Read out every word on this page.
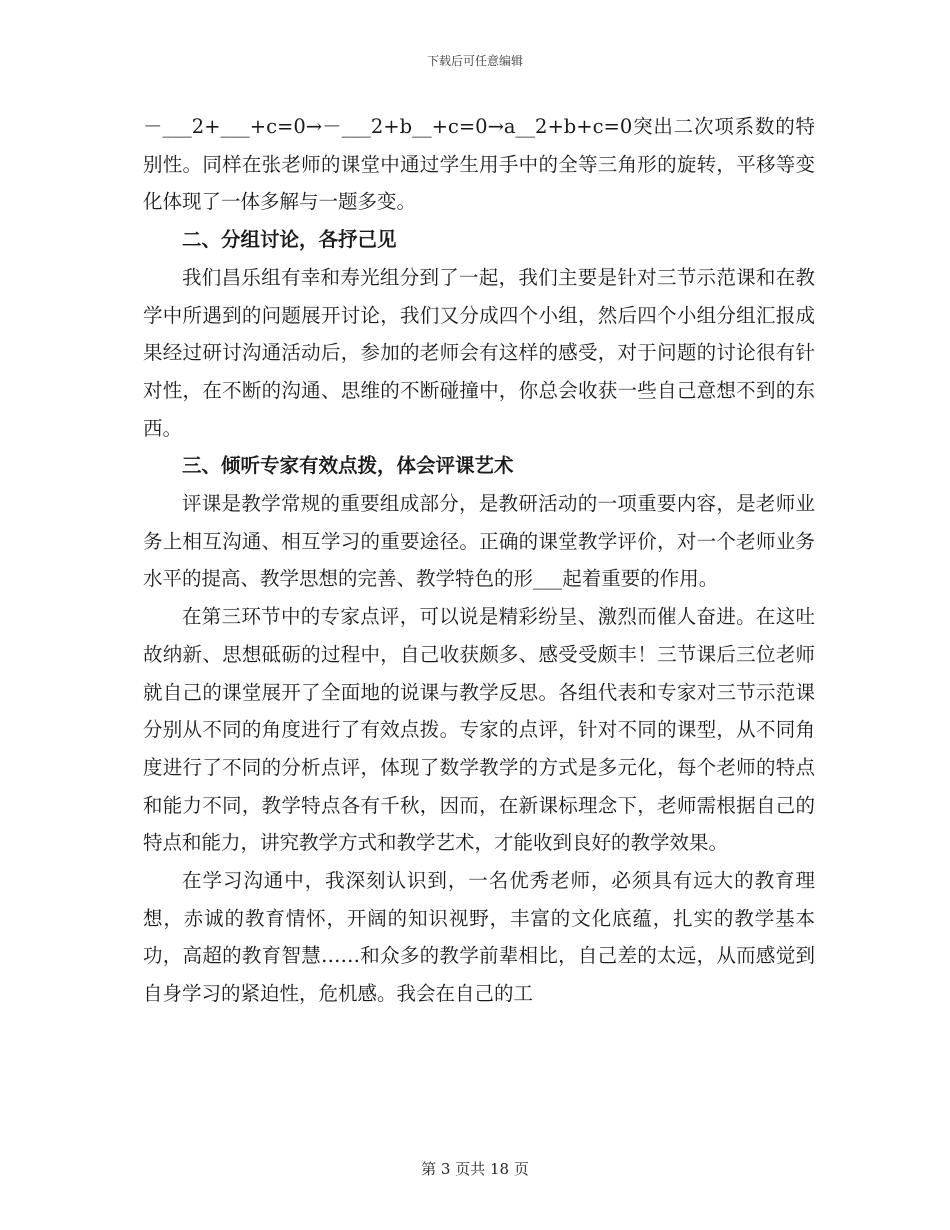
下载后可任意编辑

－___2+___+c=0→－___2+b__+c=0→a__2+b+c=0突出二次项系数的特别性。同样在张老师的课堂中通过学生用手中的全等三角形的旋转，平移等变化体现了一体多解与一题多变。

二、分组讨论，各抒己见

我们昌乐组有幸和寿光组分到了一起，我们主要是针对三节示范课和在教学中所遇到的问题展开讨论，我们又分成四个小组，然后四个小组分组汇报成果经过研讨沟通活动后，参加的老师会有这样的感受，对于问题的讨论很有针对性，在不断的沟通、思维的不断碰撞中，你总会收获一些自己意想不到的东西。

三、倾听专家有效点拨，体会评课艺术

评课是教学常规的重要组成部分，是教研活动的一项重要内容，是老师业务上相互沟通、相互学习的重要途径。正确的课堂教学评价，对一个老师业务水平的提高、教学思想的完善、教学特色的形___起着重要的作用。

在第三环节中的专家点评，可以说是精彩纷呈、激烈而催人奋进。在这吐故纳新、思想砥砺的过程中，自己收获颇多、感受受颇丰！三节课后三位老师就自己的课堂展开了全面地的说课与教学反思。各组代表和专家对三节示范课分别从不同的角度进行了有效点拨。专家的点评，针对不同的课型，从不同角度进行了不同的分析点评，体现了数学教学的方式是多元化，每个老师的特点和能力不同，教学特点各有千秋，因而，在新课标理念下，老师需根据自己的特点和能力，讲究教学方式和教学艺术，才能收到良好的教学效果。

在学习沟通中，我深刻认识到，一名优秀老师，必须具有远大的教育理想，赤诚的教育情怀，开阔的知识视野，丰富的文化底蕴，扎实的教学基本功，高超的教育智慧……和众多的教学前辈相比，自己差的太远，从而感觉到自身学习的紧迫性，危机感。我会在自己的工

第 3 页共 18 页
